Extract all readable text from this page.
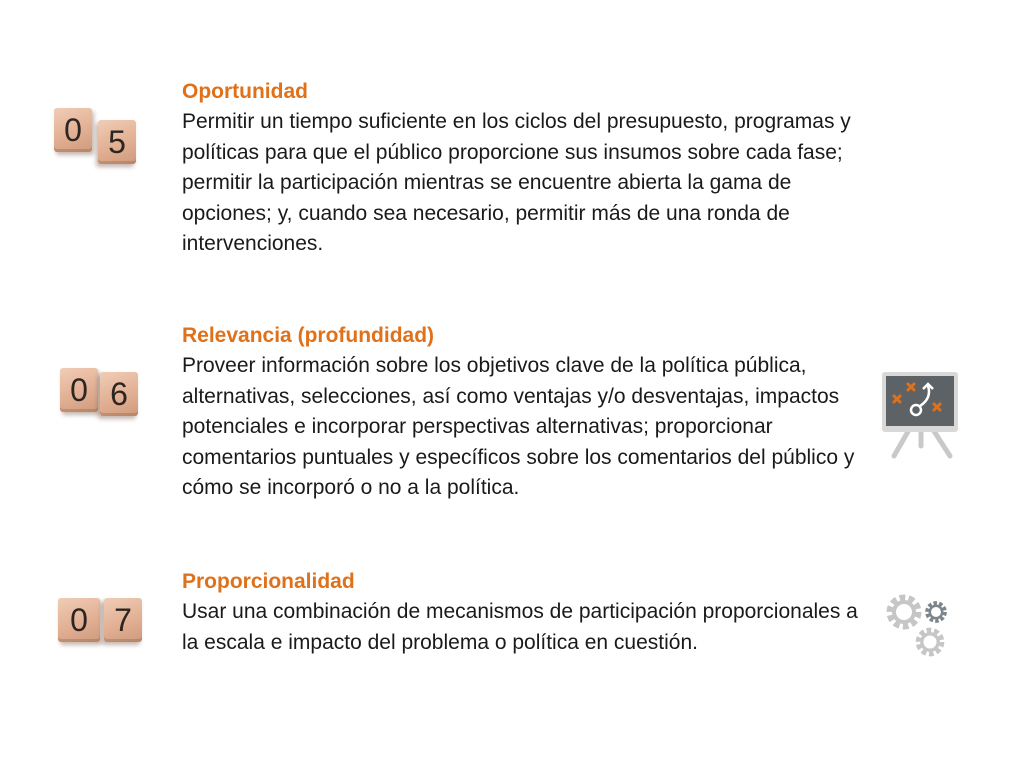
0 5
0 6
0 7
Oportunidad

Permitir un tiempo suficiente en los ciclos del presupuesto, programas y políticas para que el público proporcione sus insumos sobre cada fase; permitir la participación mientras se encuentre abierta la gama de opciones; y, cuando sea necesario, permitir más de una ronda de intervenciones.

Relevancia (profundidad)

Proveer información sobre los objetivos clave de la política pública, alternativas, selecciones, así como ventajas y/o desventajas, impactos potenciales e incorporar perspectivas alternativas; proporcionar comentarios puntuales y específicos sobre los comentarios del público y cómo se incorporó o no a la política.

Proporcionalidad

Usar una combinación de mecanismos de participación proporcionales a la escala e impacto del problema o política en cuestión.
